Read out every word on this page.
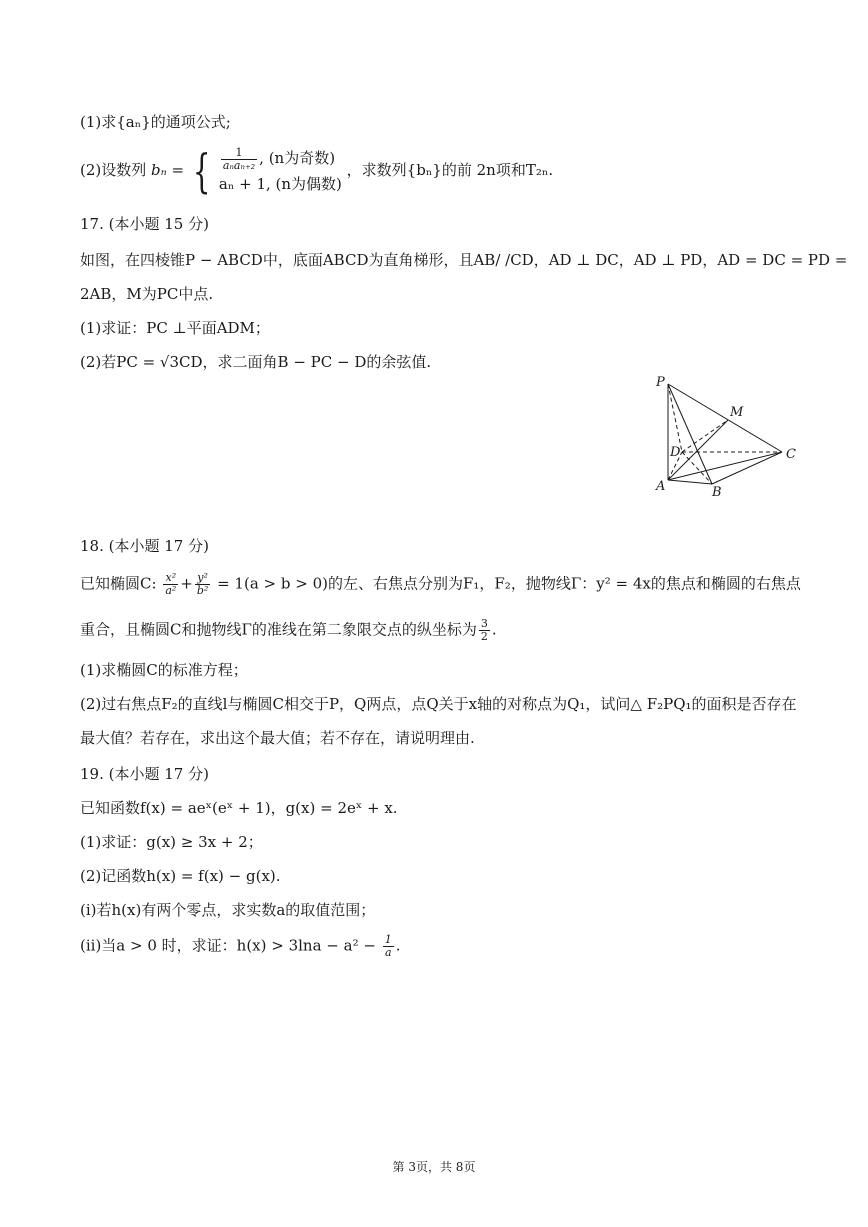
(1)求{aₙ}的通项公式;
(2)设数列 bₙ = { $\frac{1}{\text{aₙaₙ₊₂}}$ , (n为奇数)
aₙ + 1, (n为偶数)
，求数列{bₙ}的前 2n项和T₂ₙ.
17. (本小题 15 分)
如图，在四棱锥P − ABCD中，底面ABCD为直角梯形，且AB/ /CD，AD ⊥ DC，AD ⊥ PD，AD = DC = PD =
2AB，M为PC中点.
(1)求证：PC ⊥平面ADM；
(2)若PC = √3CD，求二面角B − PC − D的余弦值.
P
M
D	C
A	B
18. (本小题 17 分)
已知椭圆C: $\frac{\text{x²}}{\text{a²}} + \frac{\text{y²}}{\text{b²}} = 1(a > b > 0)$的左、右焦点分别为F₁，F₂，抛物线Γ：y² = 4x的焦点和椭圆的右焦点
重合，且椭圆C和抛物线Γ的准线在第二象限交点的纵坐标为 $\frac{3}{2}$ .
(1)求椭圆C的标准方程；
(2)过右焦点F₂的直线l与椭圆C相交于P，Q两点，点Q关于x轴的对称点为Q₁，试问△ F₂PQ₁的面积是否存在
最大值？若存在，求出这个最大值；若不存在，请说明理由.
19. (本小题 17 分)
已知函数f(x) = aeˣ(eˣ + 1)，g(x) = 2eˣ + x.
(1)求证：g(x) ≥ 3x + 2；
(2)记函数h(x) = f(x) − g(x).
(i)若h(x)有两个零点，求实数a的取值范围；
(ii)当a > 0 时，求证：$h(x) > 3\ln a - a^2 - \frac{1}{a}$ .
第 3页，共 8页
